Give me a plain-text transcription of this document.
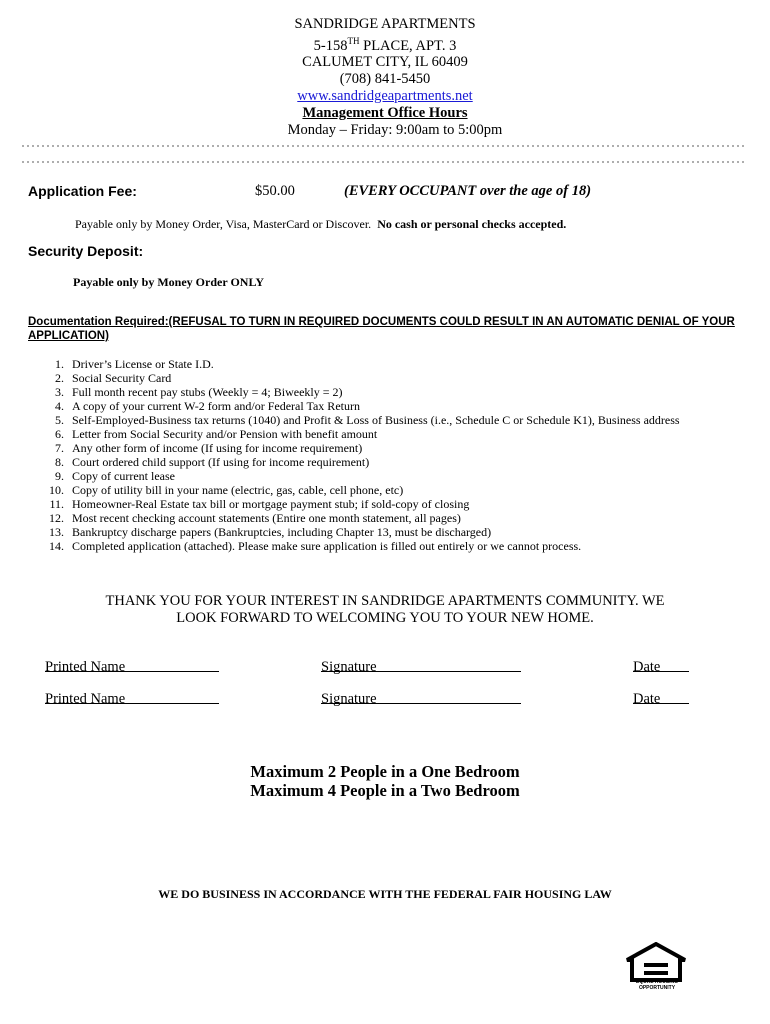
SANDRIDGE APARTMENTS
5-158TH PLACE, APT. 3
CALUMET CITY, IL 60409
(708) 841-5450
www.sandridgeapartments.net
Management Office Hours
Monday – Friday: 9:00am to 5:00pm
Application Fee:	$50.00	(EVERY OCCUPANT over the age of 18)
Payable only by Money Order, Visa, MasterCard or Discover. No cash or personal checks accepted.
Security Deposit:
Payable only by Money Order ONLY
Documentation Required:(REFUSAL TO TURN IN REQUIRED DOCUMENTS COULD RESULT IN AN AUTOMATIC DENIAL OF YOUR APPLICATION)
1. Driver’s License or State I.D.
2. Social Security Card
3. Full month recent pay stubs (Weekly = 4; Biweekly = 2)
4. A copy of your current W-2 form and/or Federal Tax Return
5. Self-Employed-Business tax returns (1040) and Profit & Loss of Business (i.e., Schedule C or Schedule K1), Business address
6. Letter from Social Security and/or Pension with benefit amount
7. Any other form of income (If using for income requirement)
8. Court ordered child support (If using for income requirement)
9. Copy of current lease
10. Copy of utility bill in your name (electric, gas, cable, cell phone, etc)
11. Homeowner-Real Estate tax bill or mortgage payment stub; if sold-copy of closing
12. Most recent checking account statements (Entire one month statement, all pages)
13. Bankruptcy discharge papers (Bankruptcies, including Chapter 13, must be discharged)
14. Completed application (attached). Please make sure application is filled out entirely or we cannot process.
THANK YOU FOR YOUR INTEREST IN SANDRIDGE APARTMENTS COMMUNITY. WE
LOOK FORWARD TO WELCOMING YOU TO YOUR NEW HOME.
Printed Name	Signature	Date
Printed Name	Signature	Date
Maximum 2 People in a One Bedroom
Maximum 4 People in a Two Bedroom
WE DO BUSINESS IN ACCORDANCE WITH THE FEDERAL FAIR HOUSING LAW
EQUAL HOUSING
OPPORTUNITY
